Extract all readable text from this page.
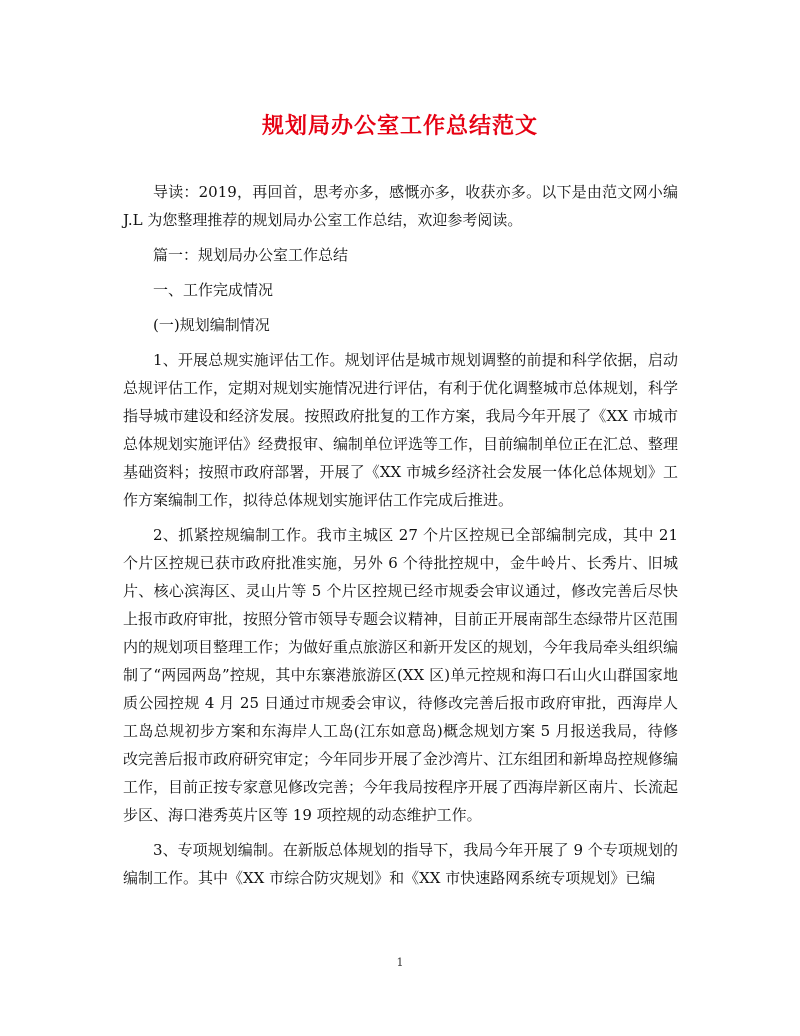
规划局办公室工作总结范文

导读：2019，再回首，思考亦多，感慨亦多，收获亦多。以下是由范文网小编 J.L 为您整理推荐的规划局办公室工作总结，欢迎参考阅读。

篇一：规划局办公室工作总结

一、工作完成情况

(一)规划编制情况

1、开展总规实施评估工作。规划评估是城市规划调整的前提和科学依据，启动总规评估工作，定期对规划实施情况进行评估，有利于优化调整城市总体规划，科学指导城市建设和经济发展。按照政府批复的工作方案，我局今年开展了《XX 市城市总体规划实施评估》经费报审、编制单位评选等工作，目前编制单位正在汇总、整理基础资料；按照市政府部署，开展了《XX 市城乡经济社会发展一体化总体规划》工作方案编制工作，拟待总体规划实施评估工作完成后推进。

2、抓紧控规编制工作。我市主城区 27 个片区控规已全部编制完成，其中 21 个片区控规已获市政府批准实施，另外 6 个待批控规中，金牛岭片、长秀片、旧城片、核心滨海区、灵山片等 5 个片区控规已经市规委会审议通过，修改完善后尽快上报市政府审批，按照分管市领导专题会议精神，目前正开展南部生态绿带片区范围内的规划项目整理工作；为做好重点旅游区和新开发区的规划，今年我局牵头组织编制了“两园两岛”控规，其中东寨港旅游区(XX 区)单元控规和海口石山火山群国家地质公园控规 4 月 25 日通过市规委会审议，待修改完善后报市政府审批，西海岸人工岛总规初步方案和东海岸人工岛(江东如意岛)概念规划方案 5 月报送我局，待修改完善后报市政府研究审定；今年同步开展了金沙湾片、江东组团和新埠岛控规修编工作，目前正按专家意见修改完善；今年我局按程序开展了西海岸新区南片、长流起步区、海口港秀英片区等 19 项控规的动态维护工作。

3、专项规划编制。在新版总体规划的指导下，我局今年开展了 9 个专项规划的编制工作。其中《XX 市综合防灾规划》和《XX 市快速路网系统专项规划》已编

1
